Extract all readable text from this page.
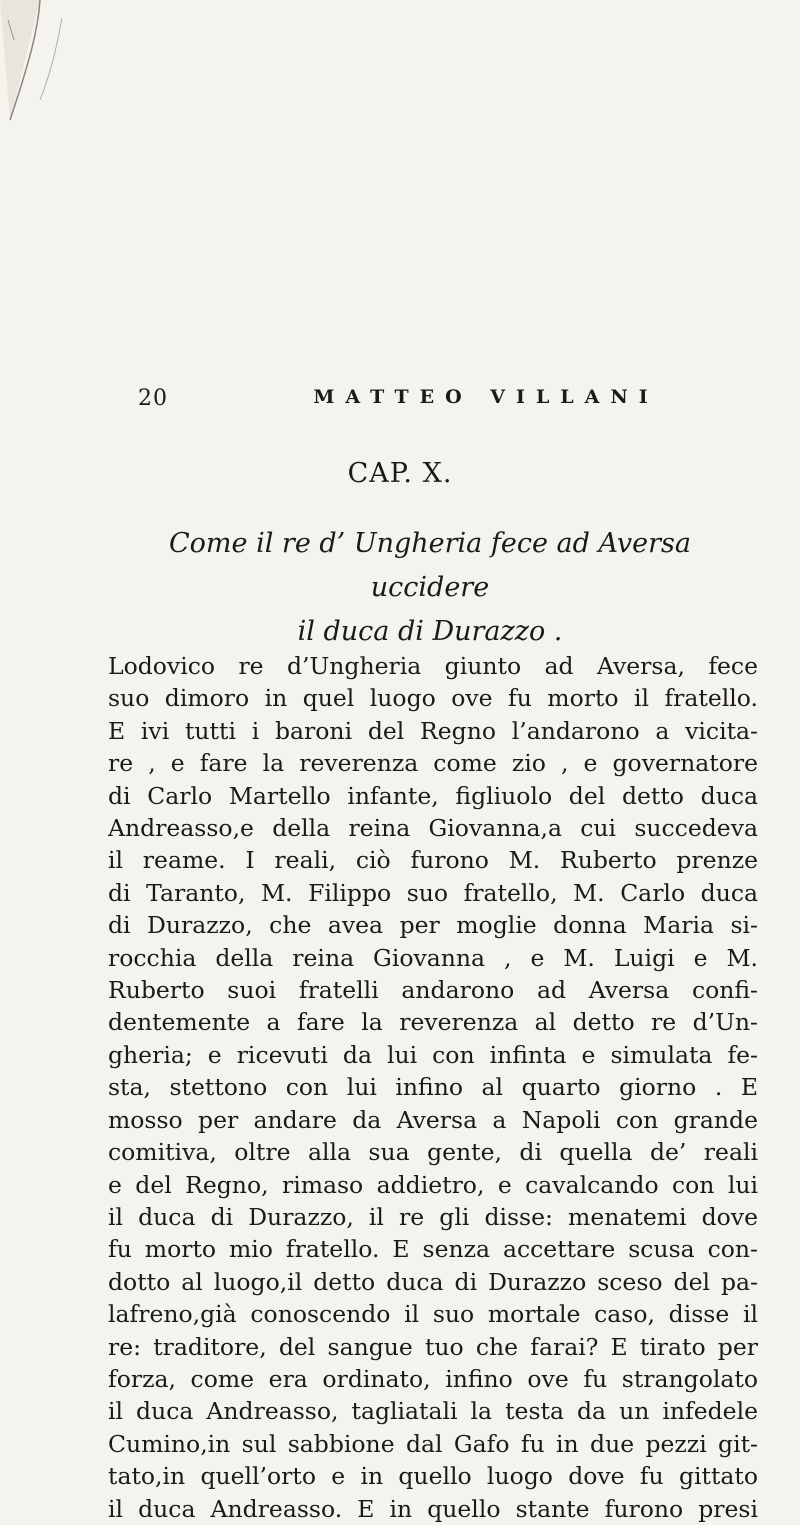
20	MATTEO VILLANI
CAP. X.
Come il re d’ Ungheria fece ad Aversa uccidere
il duca di Durazzo .
Lodovico re d’Ungheria giunto ad Aversa, fece
suo dimoro in quel luogo ove fu morto il fratello.
E ivi tutti i baroni del Regno l’andarono a vicita-
re , e fare la reverenza come zio , e governatore
di Carlo Martello infante, figliuolo del detto duca
Andreasso,e della reina Giovanna,a cui succedeva
il reame. I reali, ciò furono M. Ruberto prenze
di Taranto, M. Filippo suo fratello, M. Carlo duca
di Durazzo, che avea per moglie donna Maria si-
rocchia della reina Giovanna , e M. Luigi e M.
Ruberto suoi fratelli andarono ad Aversa confi-
dentemente a fare la reverenza al detto re d’Un-
gheria; e ricevuti da lui con infinta e simulata fe-
sta, stettono con lui infino al quarto giorno . E
mosso per andare da Aversa a Napoli con grande
comitiva, oltre alla sua gente, di quella de’ reali
e del Regno, rimaso addietro, e cavalcando con lui
il duca di Durazzo, il re gli disse: menatemi dove
fu morto mio fratello. E senza accettare scusa con-
dotto al luogo,il detto duca di Durazzo sceso del pa-
lafreno,già conoscendo il suo mortale caso, disse il
re: traditore, del sangue tuo che farai? E tirato per
forza, come era ordinato, infino ove fu strangolato
il duca Andreasso, tagliatali la testa da un infedele
Cumino,in sul sabbione dal Gafo fu in due pezzi git-
tato,in quell’orto e in quello luogo dove fu gittato
il duca Andreasso. E in quello stante furono presi
